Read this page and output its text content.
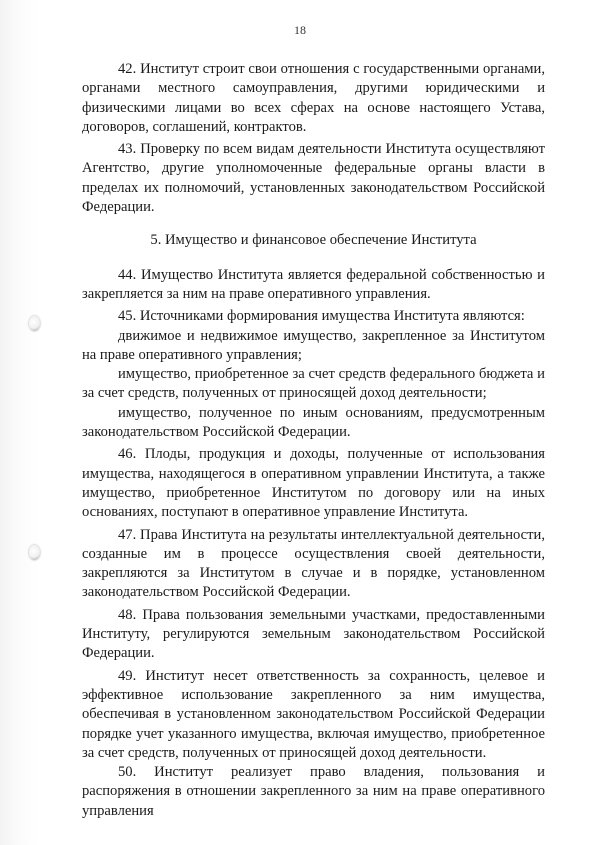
18

42. Институт строит свои отношения с государственными органами, органами местного самоуправления, другими юридическими и физическими лицами во всех сферах на основе настоящего Устава, договоров, соглашений, контрактов.

43. Проверку по всем видам деятельности Института осуществляют Агентство, другие уполномоченные федеральные органы власти в пределах их полномочий, установленных законодательством Российской Федерации.

5. Имущество и финансовое обеспечение Института

44. Имущество Института является федеральной собственностью и закрепляется за ним на праве оперативного управления.

45. Источниками формирования имущества Института являются:

движимое и недвижимое имущество, закрепленное за Институтом на праве оперативного управления;

имущество, приобретенное за счет средств федерального бюджета и за счет средств, полученных от приносящей доход деятельности;

имущество, полученное по иным основаниям, предусмотренным законодательством Российской Федерации.

46. Плоды, продукция и доходы, полученные от использования имущества, находящегося в оперативном управлении Института, а также имущество, приобретенное Институтом по договору или на иных основаниях, поступают в оперативное управление Института.

47. Права Института на результаты интеллектуальной деятельности, созданные им в процессе осуществления своей деятельности, закрепляются за Институтом в случае и в порядке, установленном законодательством Российской Федерации.

48. Права пользования земельными участками, предоставленными Институту, регулируются земельным законодательством Российской Федерации.

49. Институт несет ответственность за сохранность, целевое и эффективное использование закрепленного за ним имущества, обеспечивая в установленном законодательством Российской Федерации порядке учет указанного имущества, включая имущество, приобретенное за счет средств, полученных от приносящей доход деятельности.

50. Институт реализует право владения, пользования и распоряжения в отношении закрепленного за ним на праве оперативного управления
